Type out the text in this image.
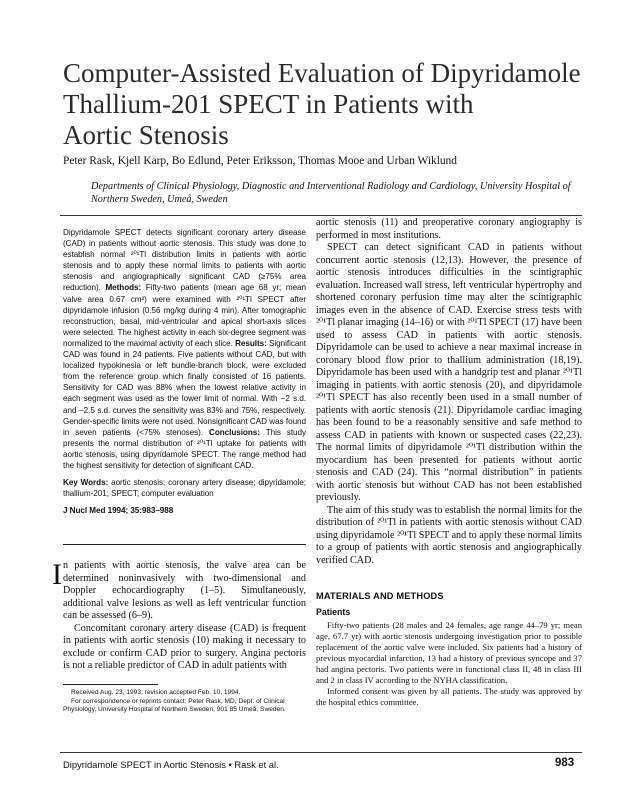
Computer-Assisted Evaluation of Dipyridamole
Thallium-201 SPECT in Patients with
Aortic Stenosis
Peter Rask, Kjell Karp, Bo Edlund, Peter Eriksson, Thomas Mooe and Urban Wiklund
Departments of Clinical Physiology, Diagnostic and Interventional Radiology and Cardiology, University Hospital of Northern Sweden, Umeå, Sweden

Dipyridamole SPECT detects significant coronary artery disease (CAD) in patients without aortic stenosis. This study was done to establish normal ²⁰¹Tl distribution limits in patients with aortic stenosis and to apply these normal limits to patients with aortic stenosis and angiographically significant CAD (≥75% area reduction). Methods: Fifty-two patients (mean age 68 yr; mean valve area 0.67 cm²) were examined with ²⁰¹Tl SPECT after dipyridamole infusion (0.56 mg/kg during 4 min). After tomographic reconstruction, basal, mid-ventricular and apical short-axis slices were selected. The highest activity in each six-degree segment was normalized to the maximal activity of each slice. Results: Significant CAD was found in 24 patients. Five patients without CAD, but with localized hypokinesia or left bundle-branch block, were excluded from the reference group which finally consisted of 16 patients. Sensitivity for CAD was 88% when the lowest relative activity in each segment was used as the lower limit of normal. With −2 s.d. and −2.5 s.d. curves the sensitivity was 83% and 75%, respectively. Gender-specific limits were not used. Nonsignificant CAD was found in seven patients (<75% stenoses). Conclusions: This study presents the normal distribution of ²⁰¹Tl uptake for patients with aortic stenosis, using dipyridamole SPECT. The range method had the highest sensitivity for detection of significant CAD.

Key Words: aortic stenosis; coronary artery disease; dipyridamole; thallium-201; SPECT; computer evaluation

J Nucl Med 1994; 35:983–988

In patients with aortic stenosis, the valve area can be determined noninvasively with two-dimensional and Doppler echocardiography (1–5). Simultaneously, additional valve lesions as well as left ventricular function can be assessed (6–9).

Concomitant coronary artery disease (CAD) is frequent in patients with aortic stenosis (10) making it necessary to exclude or confirm CAD prior to surgery. Angina pectoris is not a reliable predictor of CAD in adult patients with

aortic stenosis (11) and preoperative coronary angiography is performed in most institutions.

SPECT can detect significant CAD in patients without concurrent aortic stenosis (12,13). However, the presence of aortic stenosis introduces difficulties in the scintigraphic evaluation. Increased wall stress, left ventricular hypertrophy and shortened coronary perfusion time may alter the scintigraphic images even in the absence of CAD. Exercise stress tests with ²⁰¹Tl planar imaging (14–16) or with ²⁰¹Tl SPECT (17) have been used to assess CAD in patients with aortic stenosis. Dipyridamole can be used to achieve a near maximal increase in coronary blood flow prior to thallium administration (18,19). Dipyridamole has been used with a handgrip test and planar ²⁰¹Tl imaging in patients with aortic stenosis (20), and dipyridamole ²⁰¹Tl SPECT has also recently been used in a small number of patients with aortic stenosis (21). Dipyridamole cardiac imaging has been found to be a reasonably sensitive and safe method to assess CAD in patients with known or suspected cases (22,23). The normal limits of dipyridamole ²⁰¹Tl distribution within the myocardium has been presented for patients without aortic stenosis and CAD (24). This “normal distribution” in patients with aortic stenosis but without CAD has not been established previously.

The aim of this study was to establish the normal limits for the distribution of ²⁰¹Tl in patients with aortic stenosis without CAD using dipyridamole ²⁰¹Tl SPECT and to apply these normal limits to a group of patients with aortic stenosis and angiographically verified CAD.

MATERIALS AND METHODS
Patients

Fifty-two patients (28 males and 24 females, age range 44–79 yr; mean age, 67.7 yr) with aortic stenosis undergoing investigation prior to possible replacement of the aortic valve were included. Six patients had a history of previous myocardial infarction, 13 had a history of previous syncope and 37 had angina pectoris. Two patients were in functional class II, 48 in class III and 2 in class IV according to the NYHA classification.

Informed consent was given by all patients. The study was approved by the hospital ethics committee.

Received Aug. 23, 1993; revision accepted Feb. 10, 1994.

For correspondence or reprints contact: Peter Rask, MD, Dept. of Clinical Physiology, University Hospital of Northern Sweden, 901 85 Umeå, Sweden.

Dipyridamole SPECT in Aortic Stenosis • Rask et al.	983
